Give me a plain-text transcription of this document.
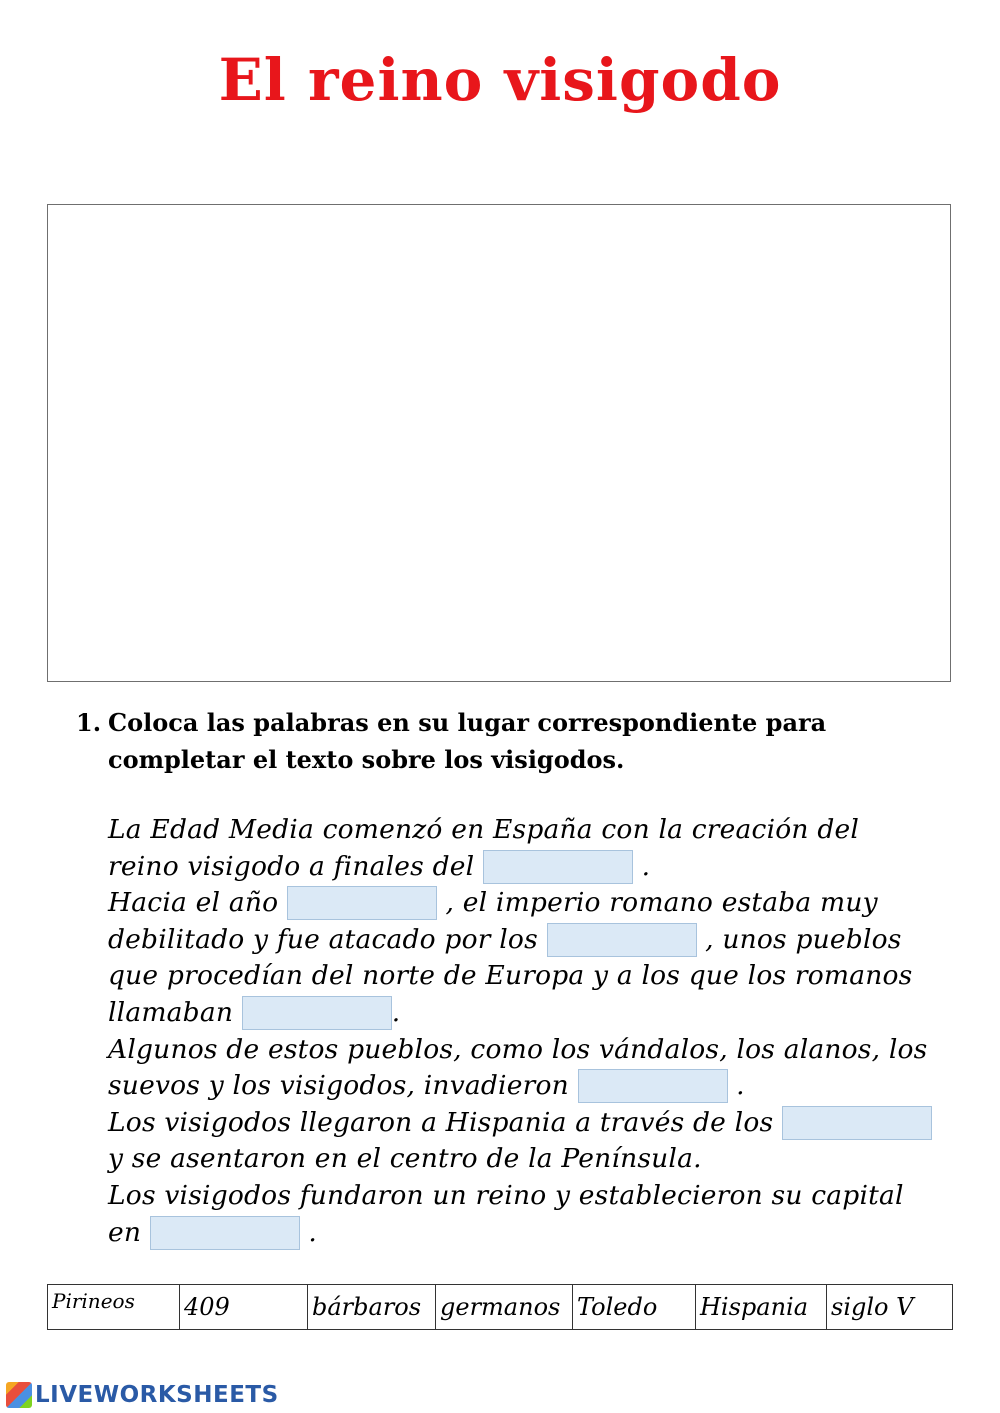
El reino visigodo
1. Coloca las palabras en su lugar correspondiente para
completar el texto sobre los visigodos.
La Edad Media comenzó en España con la creación del
reino visigodo a finales del	.
Hacia el año	, el imperio romano estaba muy
debilitado y fue atacado por los	, unos pueblos
que procedían del norte de Europa y a los que los romanos
llamaban	.
Algunos de estos pueblos, como los vándalos, los alanos, los
suevos y los visigodos, invadieron	.
Los visigodos llegaron a Hispania a través de los
y se asentaron en el centro de la Península.
Los visigodos fundaron un reino y establecieron su capital
en	.
Pirineos	409	bárbaros	germanos	Toledo	Hispania	siglo V
LIVEWORKSHEETS
